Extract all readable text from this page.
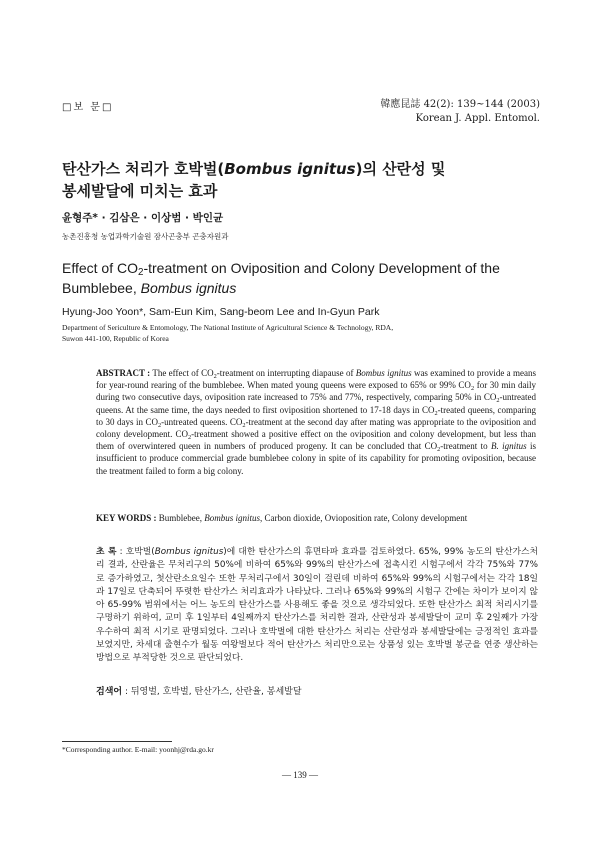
□보 문□	韓應昆誌 42(2): 139~144 (2003)
Korean J. Appl. Entomol.
탄산가스 처리가 호박벌(Bombus ignitus)의 산란성 및
봉세발달에 미치는 효과
윤형주* · 김삼은 · 이상범 · 박인균
농촌진흥청 농업과학기술원 잠사곤충부 곤충자원과
Effect of $CO_2$-treatment on Oviposition and Colony Development of the
Bumblebee, Bombus ignitus
Hyung-Joo Yoon*, Sam-Eun Kim, Sang-beom Lee and In-Gyun Park
Department of Sericulture & Entomology, The National Institute of Agricultural Science & Technology, RDA,
Suwon 441-100, Republic of Korea
ABSTRACT : The effect of $CO_2$-treatment on interrupting diapause of Bombus ignitus was examined to provide a means for year-round rearing of the bumblebee. When mated young queens were exposed to 65% or 99% $CO_2$ for 30 min daily during two consecutive days, oviposition rate increased to 75% and 77%, respectively, comparing 50% in $CO_2$-untreated queens. At the same time, the days needed to first oviposition shortened to 17-18 days in $CO_2$-treated queens, comparing to 30 days in $CO_2$-untreated queens. $CO_2$-treatment at the second day after mating was appropriate to the oviposition and colony development. $CO_2$-treatment showed a positive effect on the oviposition and colony development, but less than them of overwintered queen in numbers of produced progeny. It can be concluded that $CO_2$-treatment to B. ignitus is insufficient to produce commercial grade bumblebee colony in spite of its capability for promoting oviposition, because the treatment failed to form a big colony.
KEY WORDS : Bumblebee, Bombus ignitus, Carbon dioxide, Ovioposition rate, Colony development
초 록 : 호박벌(Bombus ignitus)에 대한 탄산가스의 휴면타파 효과를 검토하였다. 65%, 99% 농도의 탄산가스처리 결과, 산란율은 무처리구의 50%에 비하여 65%와 99%의 탄산가스에 접촉시킨 시험구에서 각각 75%와 77%로 증가하였고, 첫산란소요일수 또한 무처리구에서 30일이 걸린데 비하여 65%와 99%의 시험구에서는 각각 18일과 17일로 단축되어 뚜렷한 탄산가스 처리효과가 나타났다. 그러나 65%와 99%의 시험구 간에는 차이가 보이지 않아 65-99% 범위에서는 어느 농도의 탄산가스를 사용해도 좋을 것으로 생각되었다. 또한 탄산가스 최적 처리시기를 구명하기 위하여, 교미 후 1일부터 4일째까지 탄산가스를 처리한 결과, 산란성과 봉세발달이 교미 후 2일째가 가장 우수하여 최적 시기로 판명되었다. 그러나 호박벌에 대한 탄산가스 처리는 산란성과 봉세발달에는 긍정적인 효과를 보였지만, 차세대 출현수가 월동 여왕벌보다 적어 탄산가스 처리만으로는 상품성 있는 호박벌 봉군을 연중 생산하는 방법으로 부적당한 것으로 판단되었다.
검색어 : 뒤영벌, 호박벌, 탄산가스, 산란율, 봉세발달
*Corresponding author. E-mail: yoonhj@rda.go.kr
— 139 —
